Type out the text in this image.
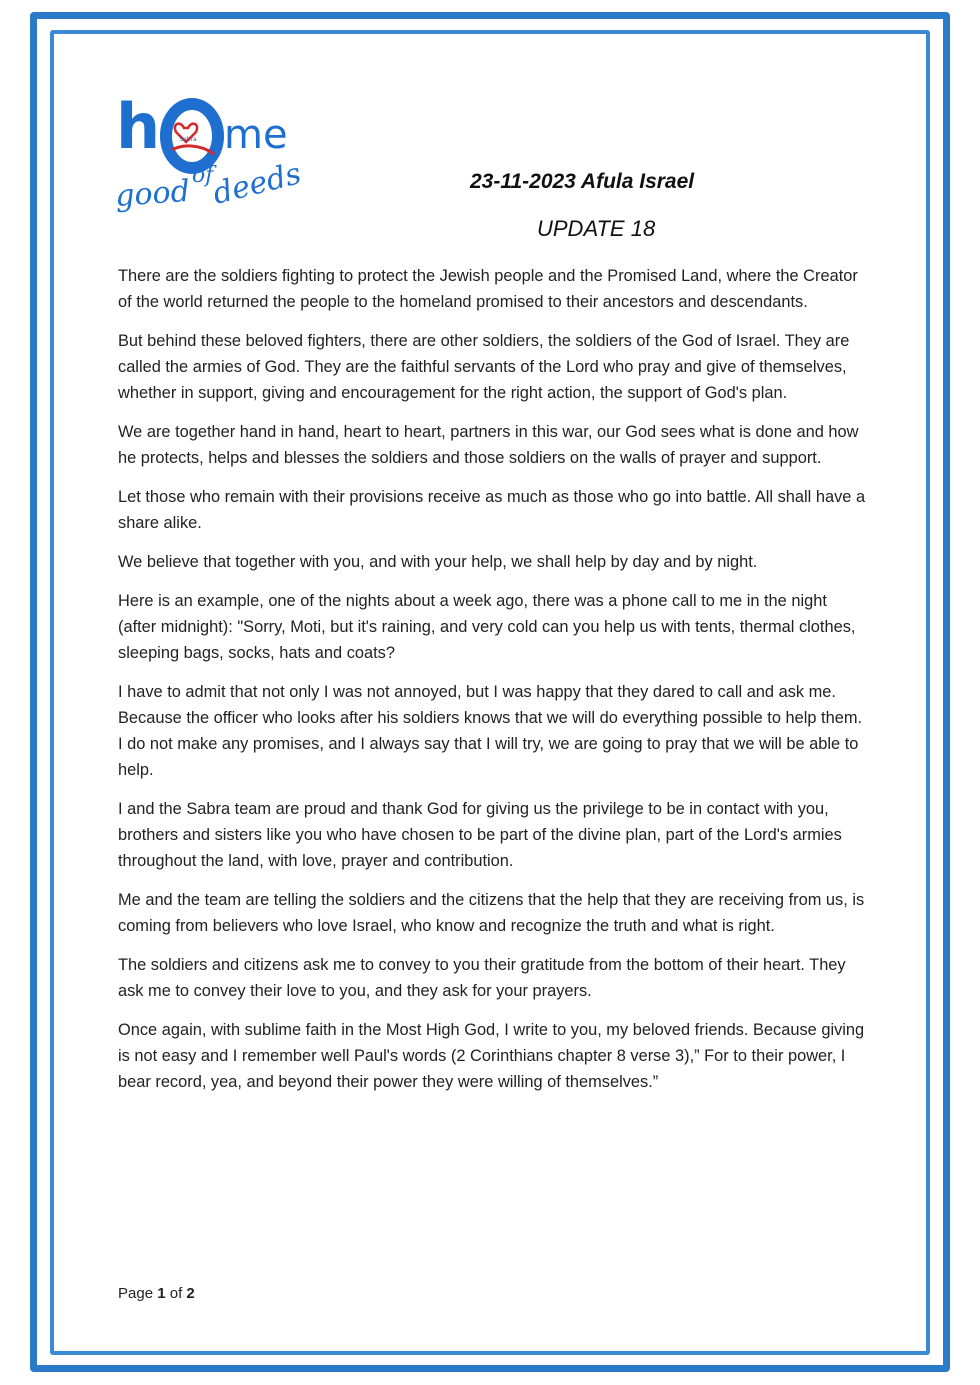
h	Sabra me
good of
deeds	23-11-2023 Afula Israel
UPDATE 18

There are the soldiers fighting to protect the Jewish people and the Promised Land, where the Creator of the world returned the people to the homeland promised to their ancestors and descendants.

But behind these beloved fighters, there are other soldiers, the soldiers of the God of Israel. They are called the armies of God. They are the faithful servants of the Lord who pray and give of themselves, whether in support, giving and encouragement for the right action, the support of God's plan.

We are together hand in hand, heart to heart, partners in this war, our God sees what is done and how he protects, helps and blesses the soldiers and those soldiers on the walls of prayer and support.

Let those who remain with their provisions receive as much as those who go into battle. All shall have a share alike.

We believe that together with you, and with your help, we shall help by day and by night.

Here is an example, one of the nights about a week ago, there was a phone call to me in the night (after midnight): "Sorry, Moti, but it's raining, and very cold can you help us with tents, thermal clothes, sleeping bags, socks, hats and coats?

I have to admit that not only I was not annoyed, but I was happy that they dared to call and ask me. Because the officer who looks after his soldiers knows that we will do everything possible to help them. I do not make any promises, and I always say that I will try, we are going to pray that we will be able to help.

I and the Sabra team are proud and thank God for giving us the privilege to be in contact with you, brothers and sisters like you who have chosen to be part of the divine plan, part of the Lord's armies throughout the land, with love, prayer and contribution.

Me and the team are telling the soldiers and the citizens that the help that they are receiving from us, is coming from believers who love Israel, who know and recognize the truth and what is right.

The soldiers and citizens ask me to convey to you their gratitude from the bottom of their heart. They ask me to convey their love to you, and they ask for your prayers.

Once again, with sublime faith in the Most High God, I write to you, my beloved friends. Because giving is not easy and I remember well Paul's words (2 Corinthians chapter 8 verse 3),” For to their power, I bear record, yea, and beyond their power they were willing of themselves.”

Page 1 of 2
